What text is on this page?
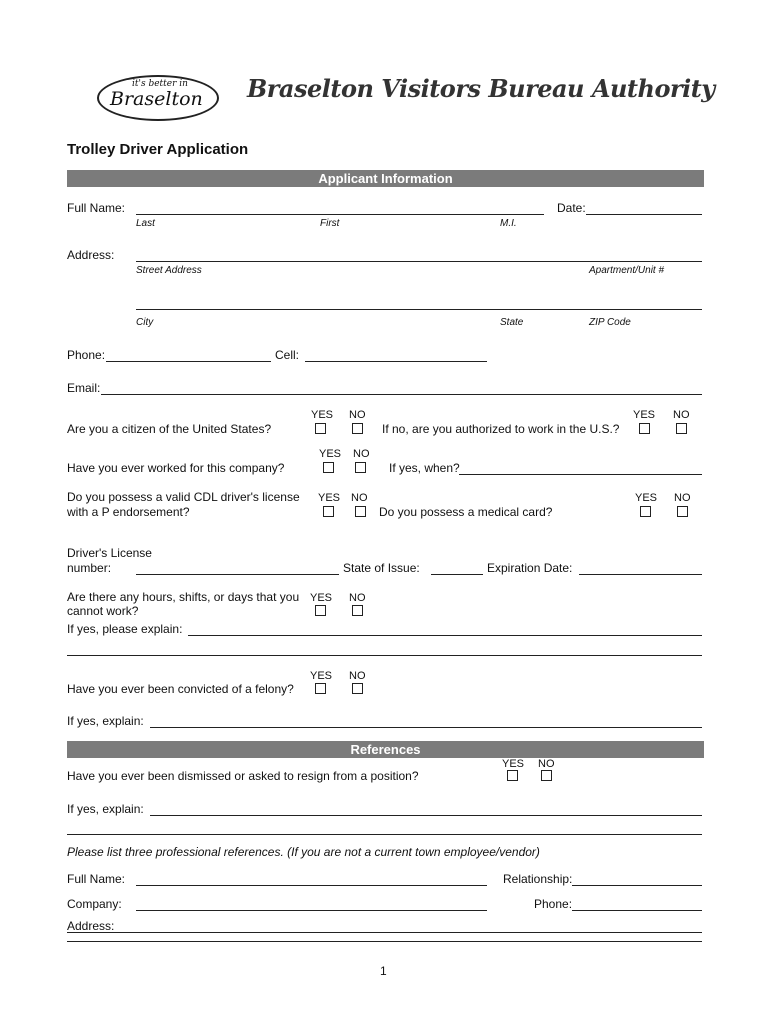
it's better in
Braselton Braselton Visitors Bureau Authority
Trolley Driver Application
Applicant Information
Full Name:
Last	First	M.I.
Date:
Address:
Street Address	Apartment/Unit #
City	State	ZIP Code
Phone:	Cell:
Email:
Are you a citizen of the United States?
YES NO
If no, are you authorized to work in the U.S.?
YES NO
Have you ever worked for this company?
YES NO
If yes, when?
Do you possess a valid CDL driver's license
with a P endorsement?
YES NO
Do you possess a medical card?
YES NO
Driver's License
number:	State of Issue:	Expiration Date:
Are there any hours, shifts, or days that you
cannot work?
YES NO
If yes, please explain:
Have you ever been convicted of a felony?
YES NO
If yes, explain:
References
Have you ever been dismissed or asked to resign from a position?
YES NO
If yes, explain:
Please list three professional references. (If you are not a current town employee/vendor)
Full Name:	Relationship:
Company:	Phone:
Address:
1
